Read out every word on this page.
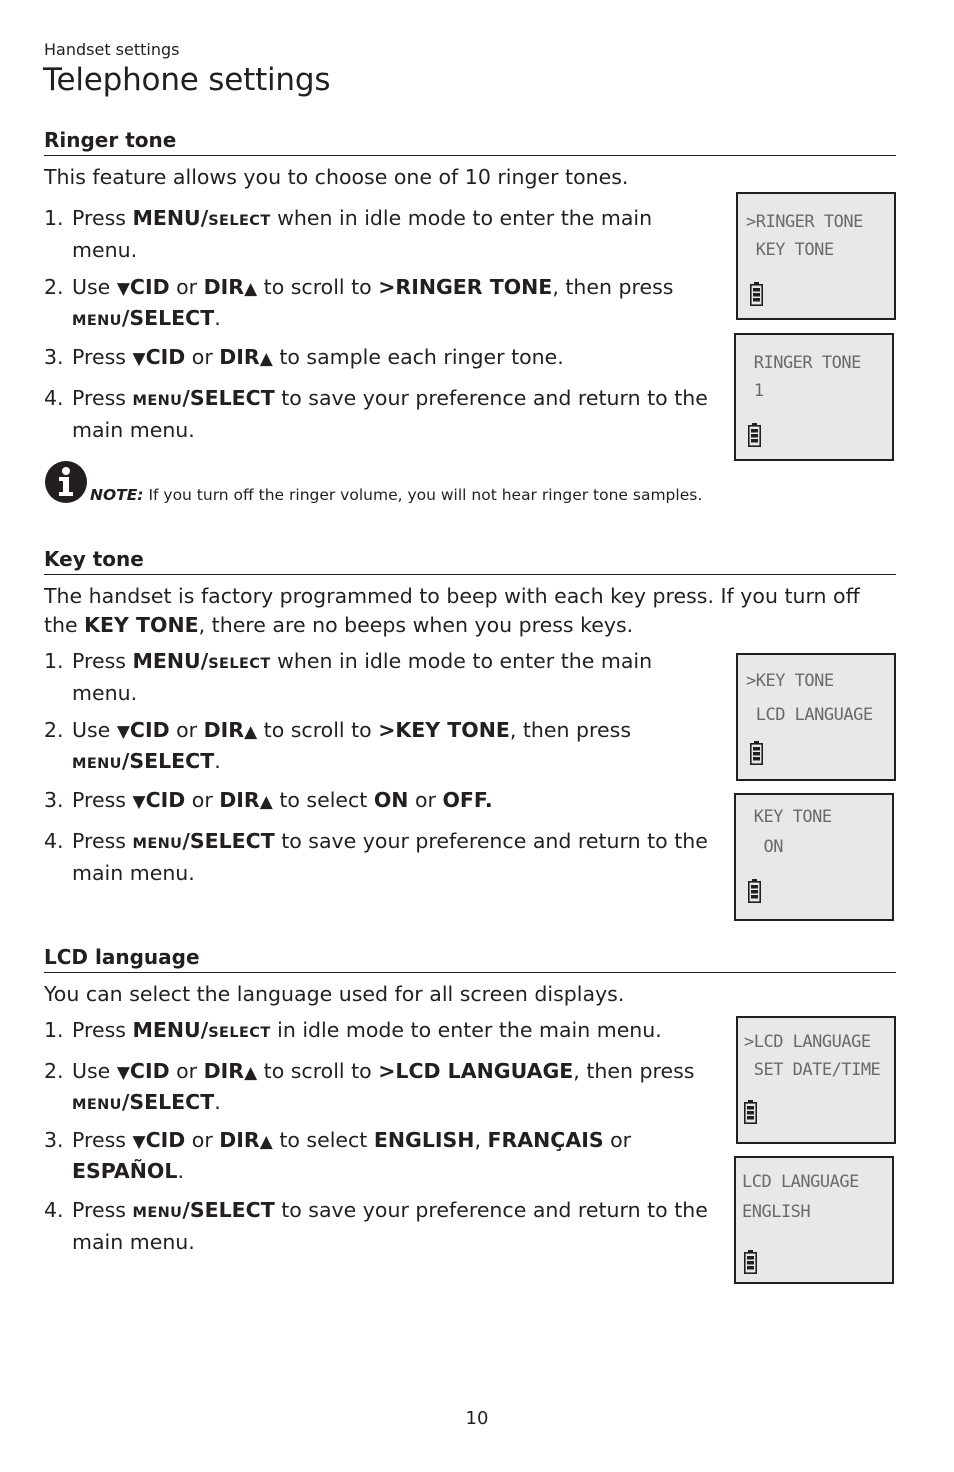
Handset settings
Telephone settings
Ringer tone
This feature allows you to choose one of 10 ringer tones.
1. Press MENU/SELECT when in idle mode to enter the main menu.
2. Use ▼CID or DIR▲ to scroll to >RINGER TONE, then press MENU/SELECT.
3. Press ▼CID or DIR▲ to sample each ringer tone.
4. Press MENU/SELECT to save your preference and return to the main menu.
>RINGER TONE
KEY TONE
RINGER TONE
1
NOTE: If you turn off the ringer volume, you will not hear ringer tone samples.
Key tone
The handset is factory programmed to beep with each key press. If you turn off the KEY TONE, there are no beeps when you press keys.
1. Press MENU/SELECT when in idle mode to enter the main menu.
2. Use ▼CID or DIR▲ to scroll to >KEY TONE, then press MENU/SELECT.
3. Press ▼CID or DIR▲ to select ON or OFF.
4. Press MENU/SELECT to save your preference and return to the main menu.
>KEY TONE
LCD LANGUAGE
KEY TONE
ON
LCD language
You can select the language used for all screen displays.
1. Press MENU/SELECT in idle mode to enter the main menu.
2. Use ▼CID or DIR▲ to scroll to >LCD LANGUAGE, then press MENU/SELECT.
3. Press ▼CID or DIR▲ to select ENGLISH, FRANÇAIS or ESPAÑOL.
4. Press MENU/SELECT to save your preference and return to the main menu.
>LCD LANGUAGE
SET DATE/TIME
LCD LANGUAGE
ENGLISH
10
